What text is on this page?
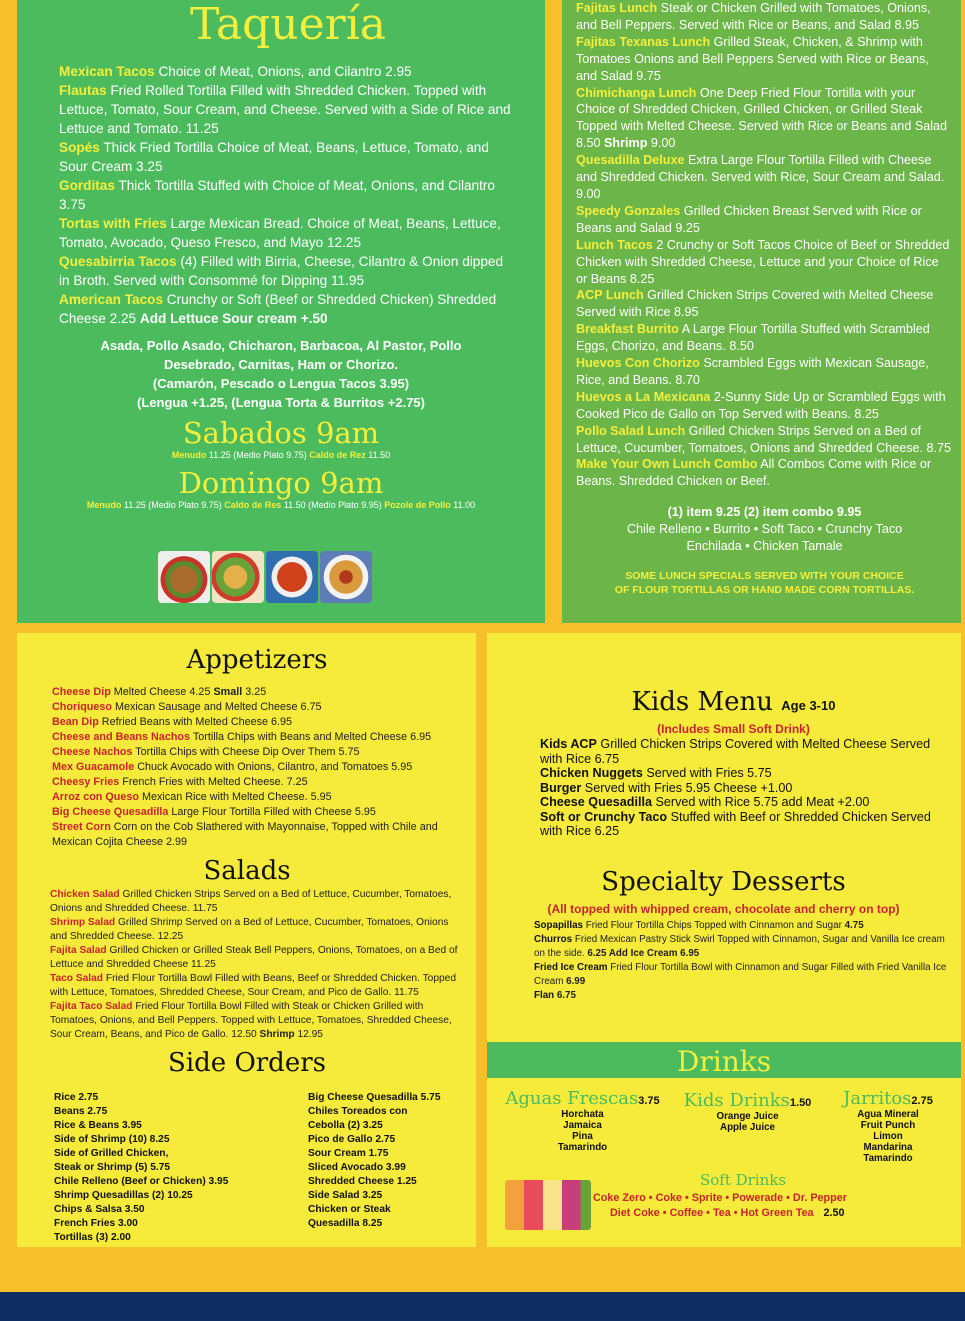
Taquería
Mexican Tacos Choice of Meat, Onions, and Cilantro 2.95
Flautas Fried Rolled Tortilla Filled with Shredded Chicken. Topped with Lettuce, Tomato, Sour Cream, and Cheese. Served with a Side of Rice and Lettuce and Tomato. 11.25
Sopés Thick Fried Tortilla Choice of Meat, Beans, Lettuce, Tomato, and Sour Cream 3.25
Gorditas Thick Tortilla Stuffed with Choice of Meat, Onions, and Cilantro 3.75
Tortas with Fries Large Mexican Bread. Choice of Meat, Beans, Lettuce, Tomato, Avocado, Queso Fresco, and Mayo 12.25
Quesabirria Tacos (4) Filled with Birria, Cheese, Cilantro & Onion dipped in Broth. Served with Consommé for Dipping 11.95
American Tacos Crunchy or Soft (Beef or Shredded Chicken) Shredded Cheese 2.25 Add Lettuce Sour cream +.50
Asada, Pollo Asado, Chicharon, Barbacoa, Al Pastor, Pollo
Desebrado, Carnitas, Ham or Chorizo.
(Camarón, Pescado o Lengua Tacos 3.95)
(Lengua +1.25, (Lengua Torta & Burritos +2.75)
Sabados 9am
Menudo 11.25 (Medio Plato 9.75) Caldo de Rez 11.50
Domingo 9am
Menudo 11.25 (Medio Plato 9.75) Caldo de Res 11.50 (Medio Plato 9.95) Pozole de Pollo 11.00
Fajitas Lunch Steak or Chicken Grilled with Tomatoes, Onions, and Bell Peppers. Served with Rice or Beans, and Salad 8.95
Fajitas Texanas Lunch Grilled Steak, Chicken, & Shrimp with Tomatoes Onions and Bell Peppers Served with Rice or Beans, and Salad 9.75
Chimichanga Lunch One Deep Fried Flour Tortilla with your Choice of Shredded Chicken, Grilled Chicken, or Grilled Steak Topped with Melted Cheese. Served with Rice or Beans and Salad 8.50 Shrimp 9.00
Quesadilla Deluxe Extra Large Flour Tortilla Filled with Cheese and Shredded Chicken. Served with Rice, Sour Cream and Salad. 9.00
Speedy Gonzales Grilled Chicken Breast Served with Rice or Beans and Salad 9.25
Lunch Tacos 2 Crunchy or Soft Tacos Choice of Beef or Shredded Chicken with Shredded Cheese, Lettuce and your Choice of Rice or Beans 8.25
ACP Lunch Grilled Chicken Strips Covered with Melted Cheese Served with Rice 8.95
Breakfast Burrito A Large Flour Tortilla Stuffed with Scrambled Eggs, Chorizo, and Beans. 8.50
Huevos Con Chorizo Scrambled Eggs with Mexican Sausage, Rice, and Beans. 8.70
Huevos a La Mexicana 2-Sunny Side Up or Scrambled Eggs with Cooked Pico de Gallo on Top Served with Beans. 8.25
Pollo Salad Lunch Grilled Chicken Strips Served on a Bed of Lettuce, Cucumber, Tomatoes, Onions and Shredded Cheese. 8.75
Make Your Own Lunch Combo All Combos Come with Rice or Beans. Shredded Chicken or Beef.
(1) item 9.25 (2) item combo 9.95
Chile Relleno • Burrito • Soft Taco • Crunchy Taco
Enchilada • Chicken Tamale
SOME LUNCH SPECIALS SERVED WITH YOUR CHOICE
OF FLOUR TORTILLAS OR HAND MADE CORN TORTILLAS.
Appetizers
Cheese Dip Melted Cheese 4.25 Small 3.25
Choriqueso Mexican Sausage and Melted Cheese 6.75
Bean Dip Refried Beans with Melted Cheese 6.95
Cheese and Beans Nachos Tortilla Chips with Beans and Melted Cheese 6.95
Cheese Nachos Tortilla Chips with Cheese Dip Over Them 5.75
Mex Guacamole Chuck Avocado with Onions, Cilantro, and Tomatoes 5.95
Cheesy Fries French Fries with Melted Cheese. 7.25
Arroz con Queso Mexican Rice with Melted Cheese. 5.95
Big Cheese Quesadilla Large Flour Tortilla Filled with Cheese 5.95
Street Corn Corn on the Cob Slathered with Mayonnaise, Topped with Chile and Mexican Cojita Cheese 2.99
Salads
Chicken Salad Grilled Chicken Strips Served on a Bed of Lettuce, Cucumber, Tomatoes, Onions and Shredded Cheese. 11.75
Shrimp Salad Grilled Shrimp Served on a Bed of Lettuce, Cucumber, Tomatoes, Onions and Shredded Cheese. 12.25
Fajita Salad Grilled Chicken or Grilled Steak Bell Peppers, Onions, Tomatoes, on a Bed of Lettuce and Shredded Cheese 11.25
Taco Salad Fried Flour Tortilla Bowl Filled with Beans, Beef or Shredded Chicken. Topped with Lettuce, Tomatoes, Shredded Cheese, Sour Cream, and Pico de Gallo. 11.75
Fajita Taco Salad Fried Flour Tortilla Bowl Filled with Steak or Chicken Grilled with Tomatoes, Onions, and Bell Peppers. Topped with Lettuce, Tomatoes, Shredded Cheese, Sour Cream, Beans, and Pico de Gallo. 12.50 Shrimp 12.95
Side Orders
Rice 2.75
Beans 2.75
Rice & Beans 3.95
Side of Shrimp (10) 8.25
Side of Grilled Chicken,
Steak or Shrimp (5) 5.75
Chile Relleno (Beef or Chicken) 3.95
Shrimp Quesadillas (2) 10.25
Chips & Salsa 3.50
French Fries 3.00
Tortillas (3) 2.00
Big Cheese Quesadilla 5.75
Chiles Toreados con
Cebolla (2) 3.25
Pico de Gallo 2.75
Sour Cream 1.75
Sliced Avocado 3.99
Shredded Cheese 1.25
Side Salad 3.25
Chicken or Steak
Quesadilla 8.25
Kids Menu Age 3-10
(Includes Small Soft Drink)
Kids ACP Grilled Chicken Strips Covered with Melted Cheese Served with Rice 6.75
Chicken Nuggets Served with Fries 5.75
Burger Served with Fries 5.95 Cheese +1.00
Cheese Quesadilla Served with Rice 5.75 add Meat +2.00
Soft or Crunchy Taco Stuffed with Beef or Shredded Chicken Served with Rice 6.25
Specialty Desserts
(All topped with whipped cream, chocolate and cherry on top)
Sopapillas Fried Flour Tortilla Chips Topped with Cinnamon and Sugar 4.75
Churros Fried Mexican Pastry Stick Swirl Topped with Cinnamon, Sugar and Vanilla Ice cream on the side. 6.25 Add Ice Cream 6.95
Fried Ice Cream Fried Flour Tortilla Bowl with Cinnamon and Sugar Filled with Fried Vanilla Ice Cream 6.99
Flan 6.75
Drinks
Aguas Frescas3.75
Horchata
Jamaica
Pina
Tamarindo
Kids Drinks1.50
Orange Juice
Apple Juice
Jarritos2.75
Agua Mineral
Fruit Punch
Limon
Mandarina
Tamarindo
Soft Drinks
Coke Zero • Coke • Sprite • Powerade • Dr. Pepper
Diet Coke • Coffee • Tea • Hot Green Tea 2.50
